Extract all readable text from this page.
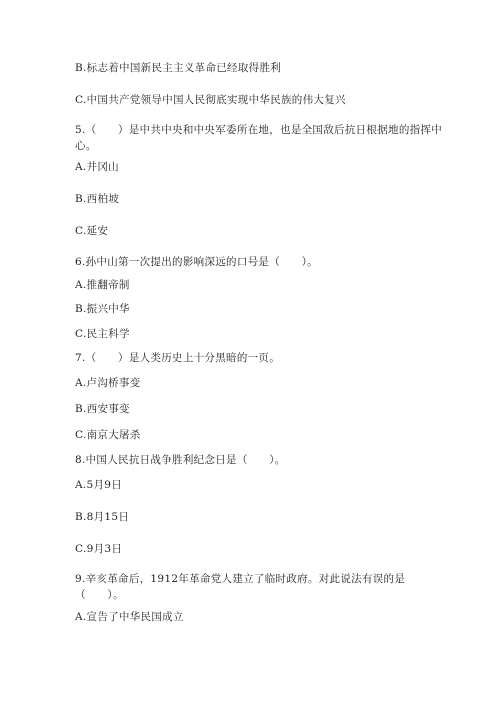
B.标志着中国新民主主义革命已经取得胜利
C.中国共产党领导中国人民彻底实现中华民族的伟大复兴
5.（　　）是中共中央和中央军委所在地，也是全国敌后抗日根据地的指挥中
心。
A.井冈山
B.西柏坡
C.延安
6.孙中山第一次提出的影响深远的口号是（　　）。
A.推翻帝制
B.振兴中华
C.民主科学
7.（　　）是人类历史上十分黑暗的一页。
A.卢沟桥事变
B.西安事变
C.南京大屠杀
8.中国人民抗日战争胜利纪念日是（　　）。
A.5月9日
B.8月15日
C.9月3日
9.辛亥革命后，1912年革命党人建立了临时政府。对此说法有误的是
（　　）。
A.宣告了中华民国成立
